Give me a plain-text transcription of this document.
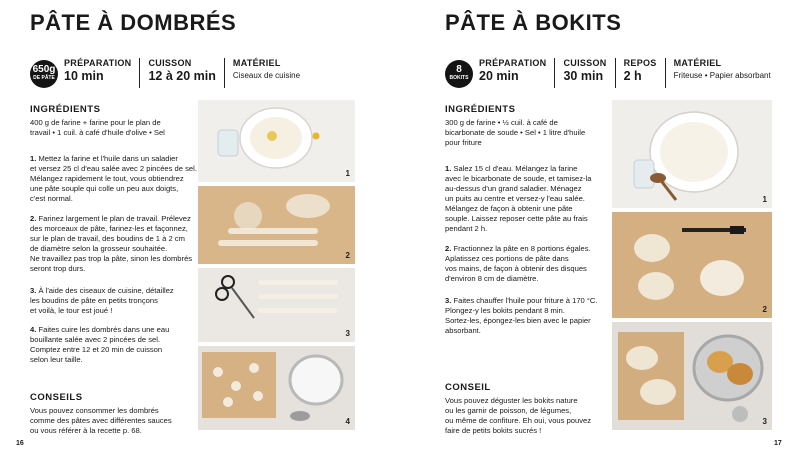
PÂTE À DOMBRÉS
650g
DE PÂTE
PRÉPARATION
10 min
CUISSON
12 à 20 min
MATÉRIEL
Ciseaux de cuisine
INGRÉDIENTS
400 g de farine + farine pour le plan de
travail • 1 cuil. à café d'huile d'olive • Sel
1. Mettez la farine et l'huile dans un saladier
et versez 25 cl d'eau salée avec 2 pincées de sel.
Mélangez rapidement le tout, vous obtiendrez
une pâte souple qui colle un peu aux doigts,
c'est normal.
2. Farinez largement le plan de travail. Prélevez
des morceaux de pâte, farinez-les et façonnez,
sur le plan de travail, des boudins de 1 à 2 cm
de diamètre selon la grosseur souhaitée.
Ne travaillez pas trop la pâte, sinon les dombrés
seront trop durs.
3. À l'aide des ciseaux de cuisine, détaillez
les boudins de pâte en petits tronçons
et voilà, le tour est joué !
4. Faites cuire les dombrés dans une eau
bouillante salée avec 2 pincées de sel.
Comptez entre 12 et 20 min de cuisson
selon leur taille.
CONSEILS
Vous pouvez consommer les dombrés
comme des pâtes avec différentes sauces
ou vous référer à la recette p. 68.
1
2
3
4
16
PÂTE À BOKITS
8
BOKITS
PRÉPARATION
20 min
CUISSON
30 min
REPOS
2 h
MATÉRIEL
Friteuse • Papier absorbant
INGRÉDIENTS
300 g de farine • ½ cuil. à café de
bicarbonate de soude • Sel • 1 litre d'huile
pour friture
1. Salez 15 cl d'eau. Mélangez la farine
avec le bicarbonate de soude, et tamisez-la
au-dessus d'un grand saladier. Ménagez
un puits au centre et versez-y l'eau salée.
Mélangez de façon à obtenir une pâte
souple. Laissez reposer cette pâte au frais
pendant 2 h.
2. Fractionnez la pâte en 8 portions égales.
Aplatissez ces portions de pâte dans
vos mains, de façon à obtenir des disques
d'environ 8 cm de diamètre.
3. Faites chauffer l'huile pour friture à 170 °C.
Plongez-y les bokits pendant 8 min.
Sortez-les, épongez-les bien avec le papier
absorbant.
CONSEIL
Vous pouvez déguster les bokits nature
ou les garnir de poisson, de légumes,
ou même de confiture. Eh oui, vous pouvez
faire de petits bokits sucrés !
1
2
3
17
